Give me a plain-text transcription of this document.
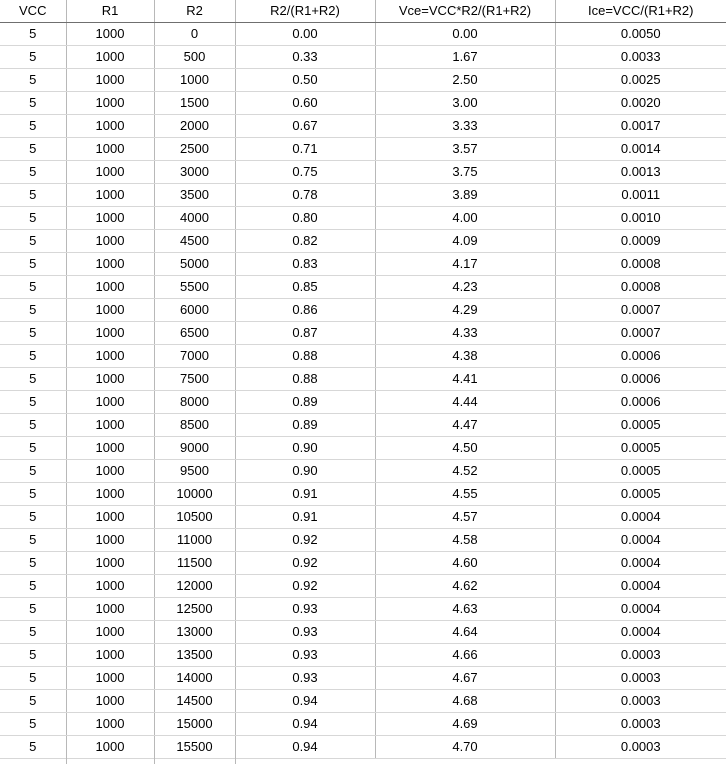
VCC	R1	R2	R2/(R1+R2)	Vce=VCC*R2/(R1+R2)	Ice=VCC/(R1+R2)
5	1000	0	0.00	0.00	0.0050
5	1000	500	0.33	1.67	0.0033
5	1000	1000	0.50	2.50	0.0025
5	1000	1500	0.60	3.00	0.0020
5	1000	2000	0.67	3.33	0.0017
5	1000	2500	0.71	3.57	0.0014
5	1000	3000	0.75	3.75	0.0013
5	1000	3500	0.78	3.89	0.0011
5	1000	4000	0.80	4.00	0.0010
5	1000	4500	0.82	4.09	0.0009
5	1000	5000	0.83	4.17	0.0008
5	1000	5500	0.85	4.23	0.0008
5	1000	6000	0.86	4.29	0.0007
5	1000	6500	0.87	4.33	0.0007
5	1000	7000	0.88	4.38	0.0006
5	1000	7500	0.88	4.41	0.0006
5	1000	8000	0.89	4.44	0.0006
5	1000	8500	0.89	4.47	0.0005
5	1000	9000	0.90	4.50	0.0005
5	1000	9500	0.90	4.52	0.0005
5	1000	10000	0.91	4.55	0.0005
5	1000	10500	0.91	4.57	0.0004
5	1000	11000	0.92	4.58	0.0004
5	1000	11500	0.92	4.60	0.0004
5	1000	12000	0.92	4.62	0.0004
5	1000	12500	0.93	4.63	0.0004
5	1000	13000	0.93	4.64	0.0004
5	1000	13500	0.93	4.66	0.0003
5	1000	14000	0.93	4.67	0.0003
5	1000	14500	0.94	4.68	0.0003
5	1000	15000	0.94	4.69	0.0003
5	1000	15500	0.94	4.70	0.0003
